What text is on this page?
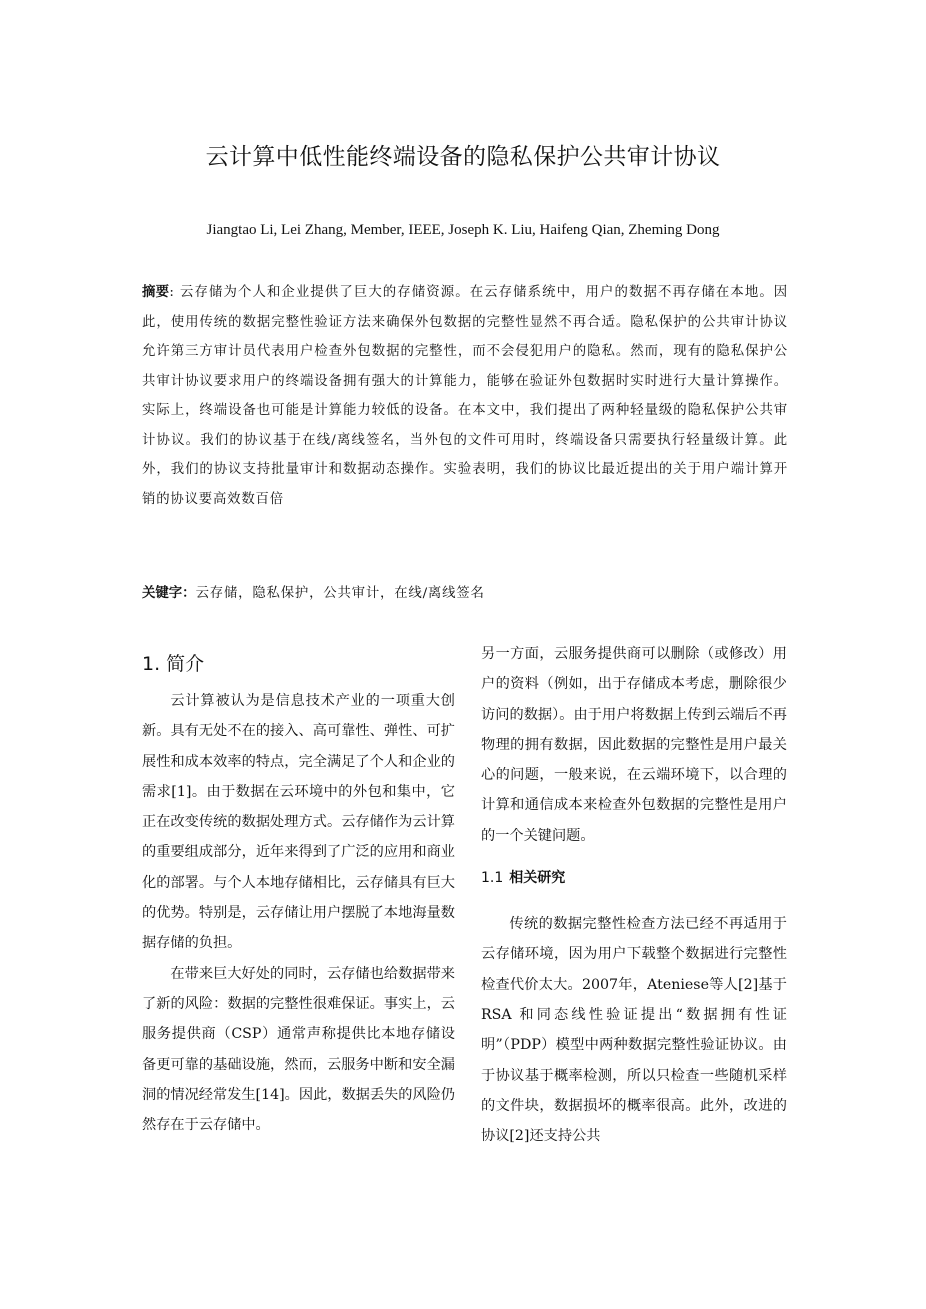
云计算中低性能终端设备的隐私保护公共审计协议
Jiangtao Li, Lei Zhang, Member, IEEE, Joseph K. Liu, Haifeng Qian, Zheming Dong
摘要: 云存储为个人和企业提供了巨大的存储资源。在云存储系统中，用户的数据不再存储在本地。因此，使用传统的数据完整性验证方法来确保外包数据的完整性显然不再合适。隐私保护的公共审计协议允许第三方审计员代表用户检查外包数据的完整性，而不会侵犯用户的隐私。然而，现有的隐私保护公共审计协议要求用户的终端设备拥有强大的计算能力，能够在验证外包数据时实时进行大量计算操作。实际上，终端设备也可能是计算能力较低的设备。在本文中，我们提出了两种轻量级的隐私保护公共审计协议。我们的协议基于在线/离线签名，当外包的文件可用时，终端设备只需要执行轻量级计算。此外，我们的协议支持批量审计和数据动态操作。实验表明，我们的协议比最近提出的关于用户端计算开销的协议要高效数百倍
关键字：云存储，隐私保护，公共审计，在线/离线签名
1. 简介

云计算被认为是信息技术产业的一项重大创新。具有无处不在的接入、高可靠性、弹性、可扩展性和成本效率的特点，完全满足了个人和企业的需求[1]。由于数据在云环境中的外包和集中，它正在改变传统的数据处理方式。云存储作为云计算的重要组成部分，近年来得到了广泛的应用和商业化的部署。与个人本地存储相比，云存储具有巨大的优势。特别是，云存储让用户摆脱了本地海量数据存储的负担。

在带来巨大好处的同时，云存储也给数据带来了新的风险：数据的完整性很难保证。事实上，云服务提供商（CSP）通常声称提供比本地存储设备更可靠的基础设施，然而，云服务中断和安全漏洞的情况经常发生[14]。因此，数据丢失的风险仍然存在于云存储中。

另一方面，云服务提供商可以删除（或修改）用户的资料（例如，出于存储成本考虑，删除很少访问的数据）。由于用户将数据上传到云端后不再物理的拥有数据，因此数据的完整性是用户最关心的问题，一般来说，在云端环境下，以合理的计算和通信成本来检查外包数据的完整性是用户的一个关键问题。

1.1 相关研究

传统的数据完整性检查方法已经不再适用于云存储环境，因为用户下载整个数据进行完整性检查代价太大。2007年，Ateniese等人[2]基于 RSA 和同态线性验证提出“数据拥有性证明”（PDP）模型中两种数据完整性验证协议。由于协议基于概率检测，所以只检查一些随机采样的文件块，数据损坏的概率很高。此外，改进的协议[2]还支持公共
